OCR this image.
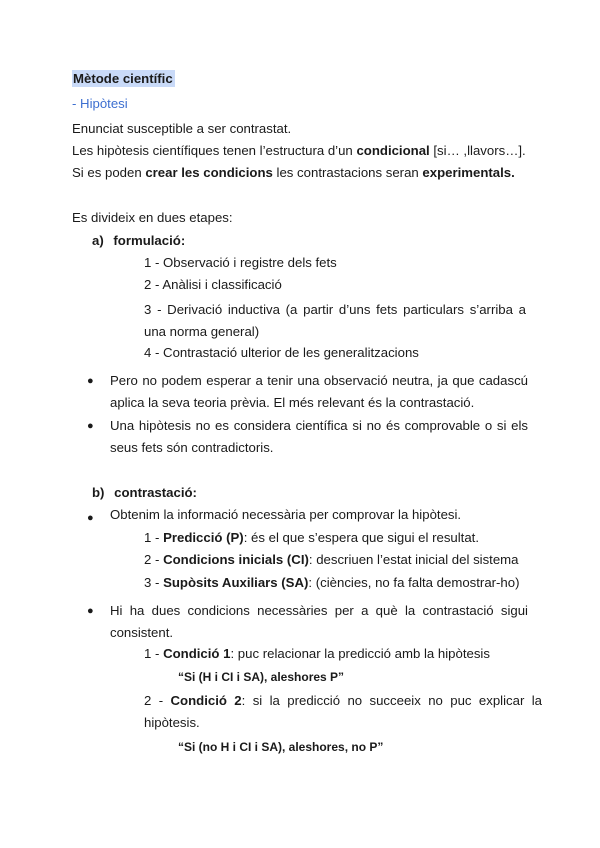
Mètode científic
- Hipòtesi
Enunciat susceptible a ser contrastat.
Les hipòtesis científiques tenen l’estructura d’un condicional [si… ,llavors…].
Si es poden crear les condicions les contrastacions seran experimentals.
Es divideix en dues etapes:
a) formulació:
1 - Observació i registre dels fets
2 - Anàlisi i classificació
3 - Derivació inductiva (a partir d’uns fets particulars s’arriba a una norma general)
4 - Contrastació ulterior de les generalitzacions
● Pero no podem esperar a tenir una observació neutra, ja que cadascú aplica la seva teoria prèvia. El més relevant és la contrastació.
● Una hipòtesis no es considera científica si no és comprovable o si els seus fets són contradictoris.
b) contrastació:
● Obtenim la informació necessària per comprovar la hipòtesi.
1 - Predicció (P): és el que s’espera que sigui el resultat.
2 - Condicions inicials (CI): descriuen l’estat inicial del sistema
3 - Supòsits Auxiliars (SA): (ciències, no fa falta demostrar-ho)
● Hi ha dues condicions necessàries per a què la contrastació sigui consistent.
1 - Condició 1: puc relacionar la predicció amb la hipòtesis
“Si (H i CI i SA), aleshores P”
2 - Condició 2: si la predicció no succeeix no puc explicar la hipòtesis.
“Si (no H i CI i SA), aleshores, no P”
